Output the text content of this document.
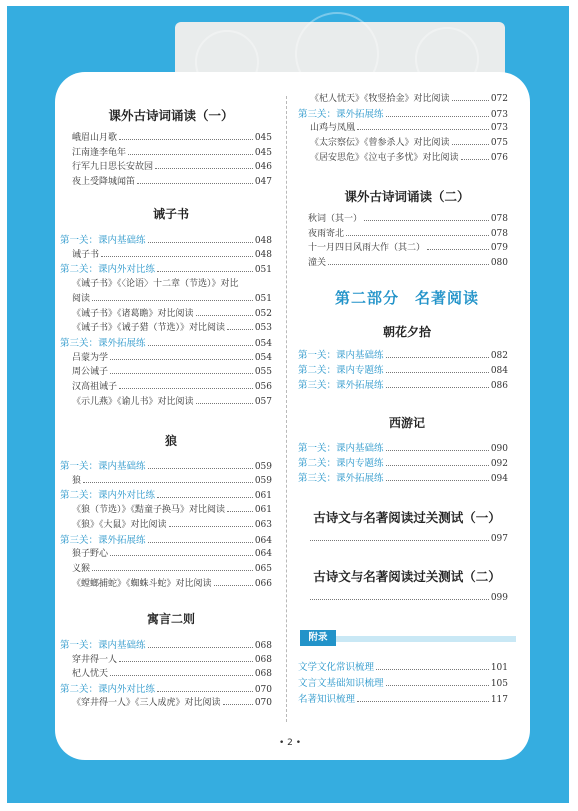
课外古诗词诵读（一）
峨眉山月歌	045
江南逢李龟年	045
行军九日思长安故园	046
夜上受降城闻笛	047
诫子书
第一关：课内基础练	048
诫子书	048
第二关：课内外对比练	051
《诫子书》《〈论语〉十二章（节选）》对比
阅读	051
《诫子书》《诸葛瞻》对比阅读	052
《诫子书》《诫子猎（节选）》对比阅读	053
第三关：课外拓展练	054
吕蒙为学	054
周公诫子	055
汉高祖诫子	056
《示儿燕》《谕儿书》对比阅读	057
狼
第一关：课内基础练	059
狼	059
第二关：课内外对比练	061
《狼（节选）》《黠童子换马》对比阅读	061
《狼》《大鼠》对比阅读	063
第三关：课外拓展练	064
狼子野心	064
义猴	065
《螳螂捕蛇》《蜘蛛斗蛇》对比阅读	066
寓言二则
第一关：课内基础练	068
穿井得一人	068
杞人忧天	068
第二关：课内外对比练	070
《穿井得一人》《三人成虎》对比阅读	070
《杞人忧天》《牧竖拾金》对比阅读	072
第三关：课外拓展练	073
山鸡与凤凰	073
《太宗察伝》《曾参杀人》对比阅读	075
《居安思危》《泣屯子多忧》对比阅读	076
课外古诗词诵读（二）
秋词（其一）	078
夜雨寄北	078
十一月四日风雨大作（其二）	079
潼关	080
第二部分　名著阅读
朝花夕拾
第一关：课内基础练	082
第二关：课内专题练	084
第三关：课外拓展练	086
西游记
第一关：课内基础练	090
第二关：课内专题练	092
第三关：课外拓展练	094
古诗文与名著阅读过关测试（一）
097
古诗文与名著阅读过关测试（二）
099
附录
文学文化常识梳理	101
文言文基础知识梳理	105
名著知识梳理	117
• 2 •
